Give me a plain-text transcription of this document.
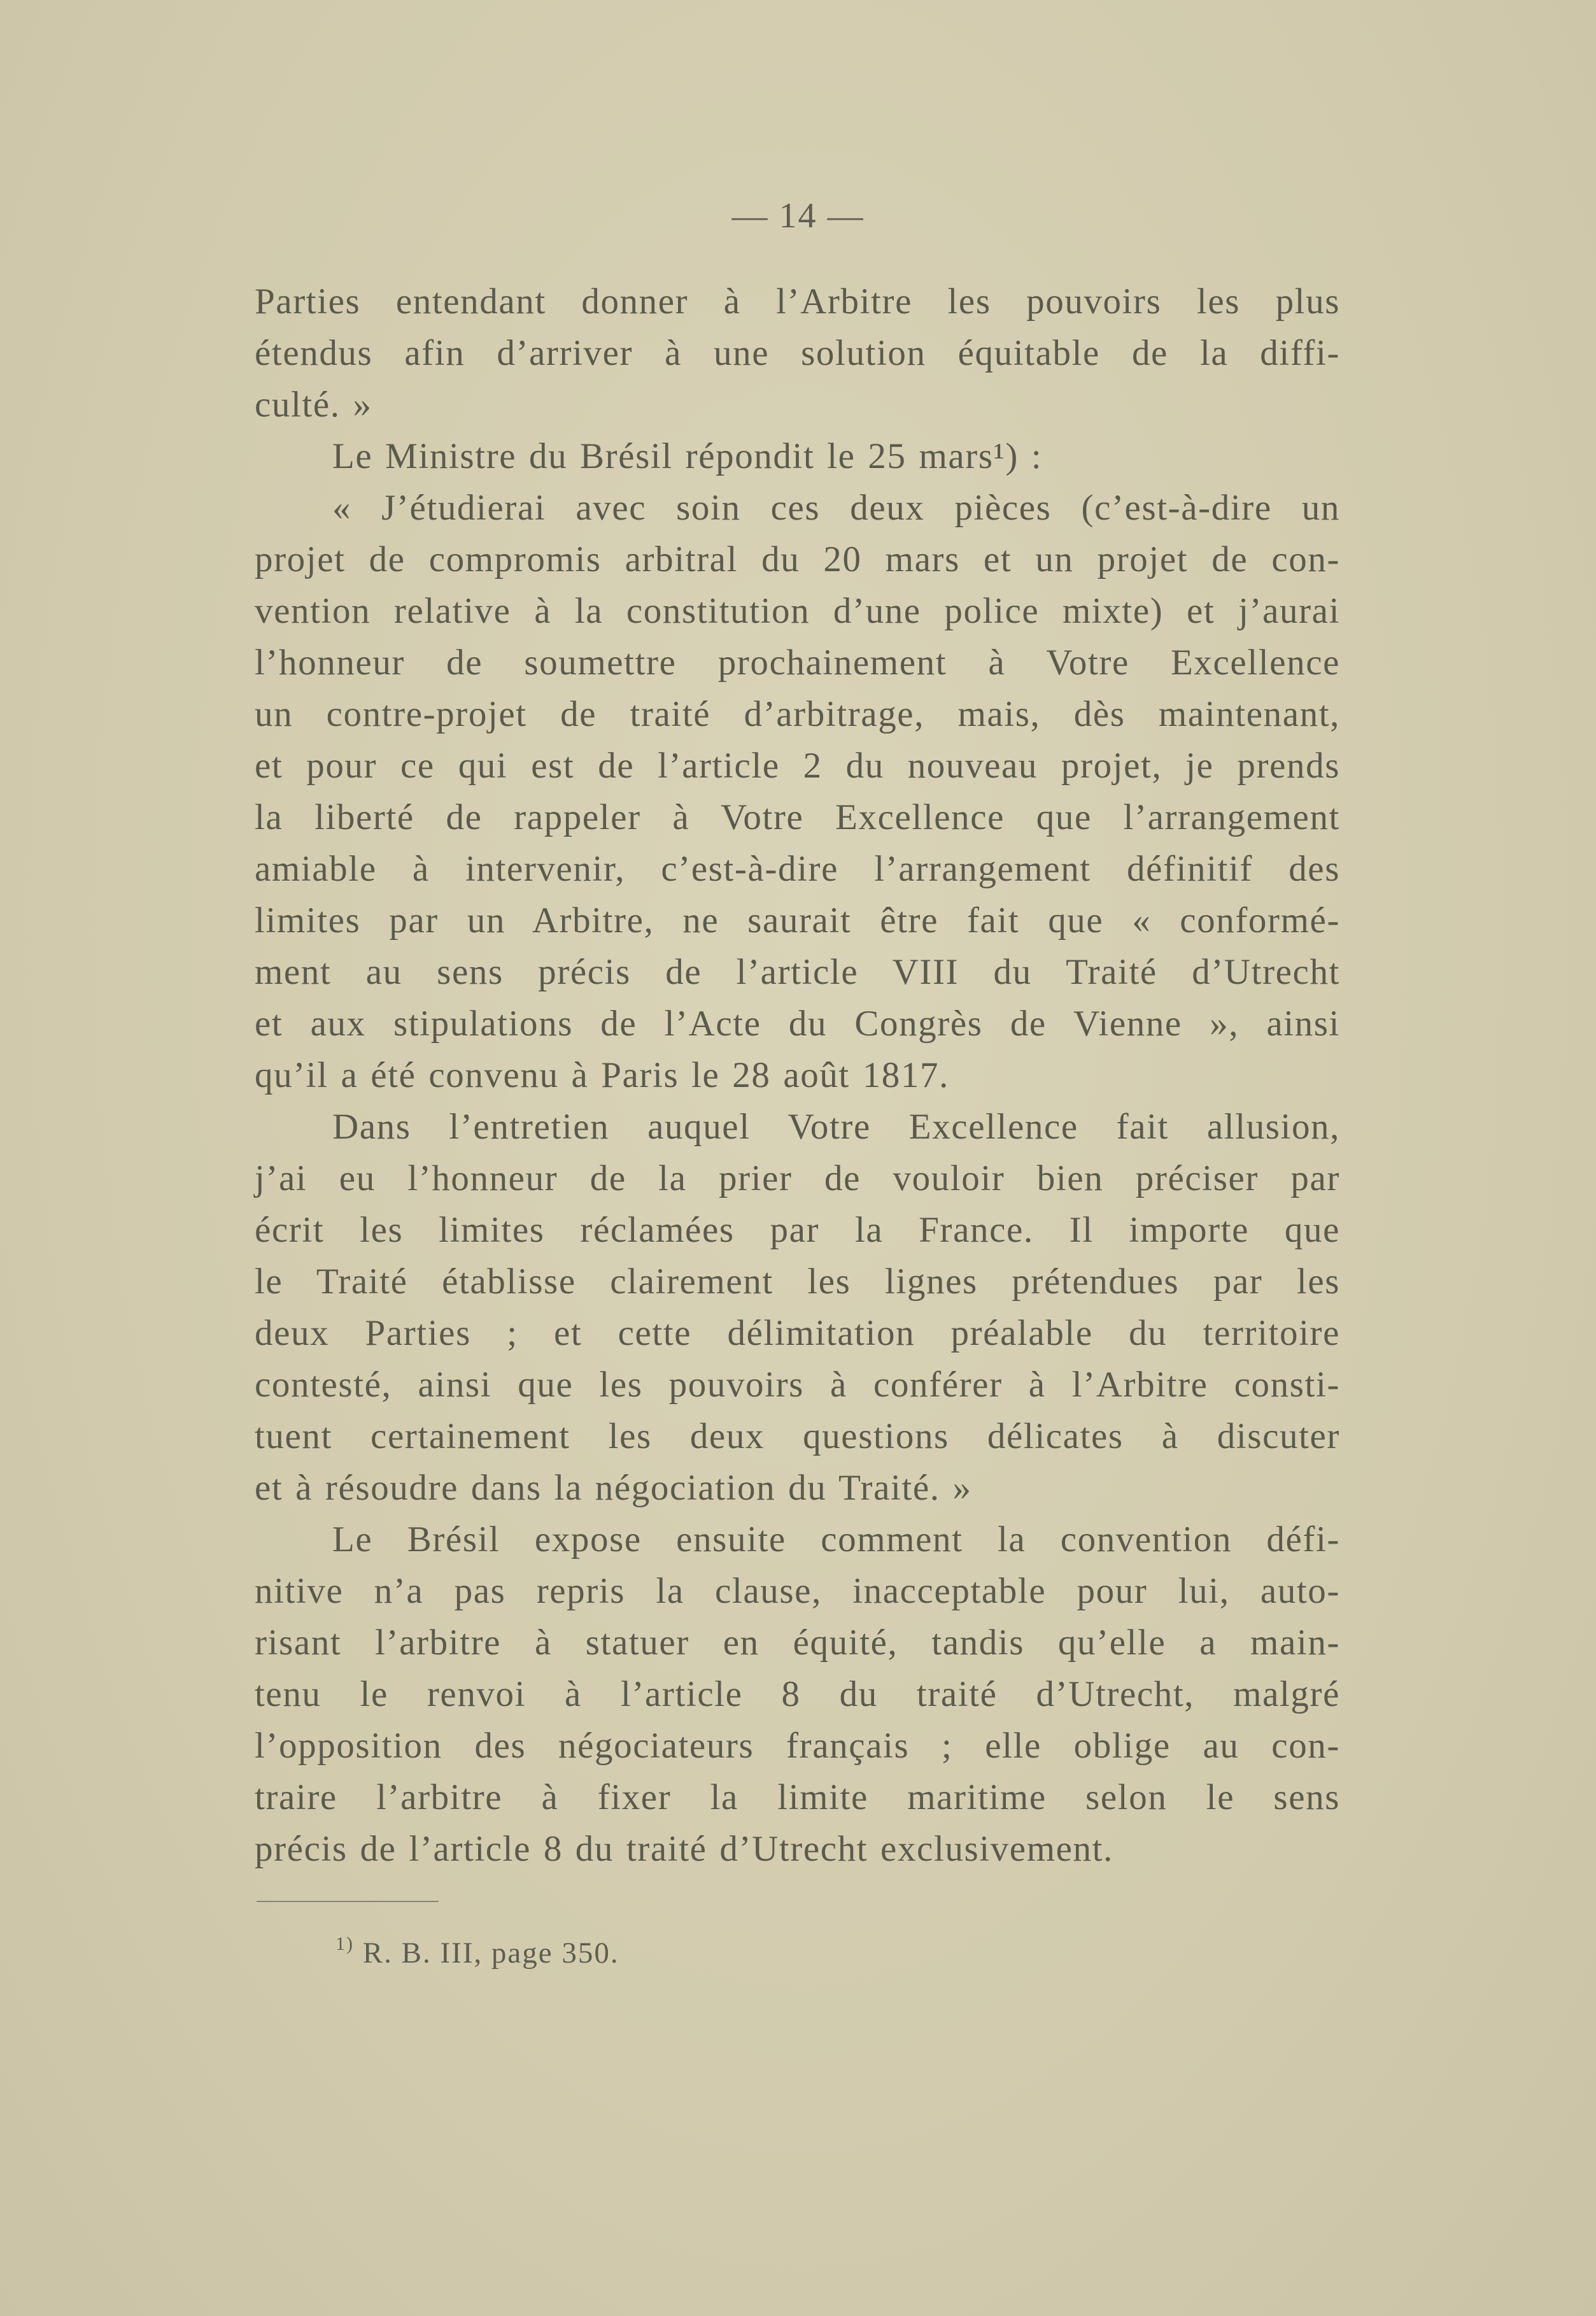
— 14 —
Parties entendant donner à l’Arbitre les pouvoirs les plus
étendus afin d’arriver à une solution équitable de la diffi-
culté. »
Le Ministre du Brésil répondit le 25 mars¹) :
« J’étudierai avec soin ces deux pièces (c’est-à-dire un
projet de compromis arbitral du 20 mars et un projet de con-
vention relative à la constitution d’une police mixte) et j’aurai
l’honneur de soumettre prochainement à Votre Excellence
un contre-projet de traité d’arbitrage, mais, dès maintenant,
et pour ce qui est de l’article 2 du nouveau projet, je prends
la liberté de rappeler à Votre Excellence que l’arrangement
amiable à intervenir, c’est-à-dire l’arrangement définitif des
limites par un Arbitre, ne saurait être fait que « conformé-
ment au sens précis de l’article VIII du Traité d’Utrecht
et aux stipulations de l’Acte du Congrès de Vienne », ainsi
qu’il a été convenu à Paris le 28 août 1817.
Dans l’entretien auquel Votre Excellence fait allusion,
j’ai eu l’honneur de la prier de vouloir bien préciser par
écrit les limites réclamées par la France. Il importe que
le Traité établisse clairement les lignes prétendues par les
deux Parties ; et cette délimitation préalable du territoire
contesté, ainsi que les pouvoirs à conférer à l’Arbitre consti-
tuent certainement les deux questions délicates à discuter
et à résoudre dans la négociation du Traité. »
Le Brésil expose ensuite comment la convention défi-
nitive n’a pas repris la clause, inacceptable pour lui, auto-
risant l’arbitre à statuer en équité, tandis qu’elle a main-
tenu le renvoi à l’article 8 du traité d’Utrecht, malgré
l’opposition des négociateurs français ; elle oblige au con-
traire l’arbitre à fixer la limite maritime selon le sens
précis de l’article 8 du traité d’Utrecht exclusivement.
$^{1)}$ R. B. III, page 350.
